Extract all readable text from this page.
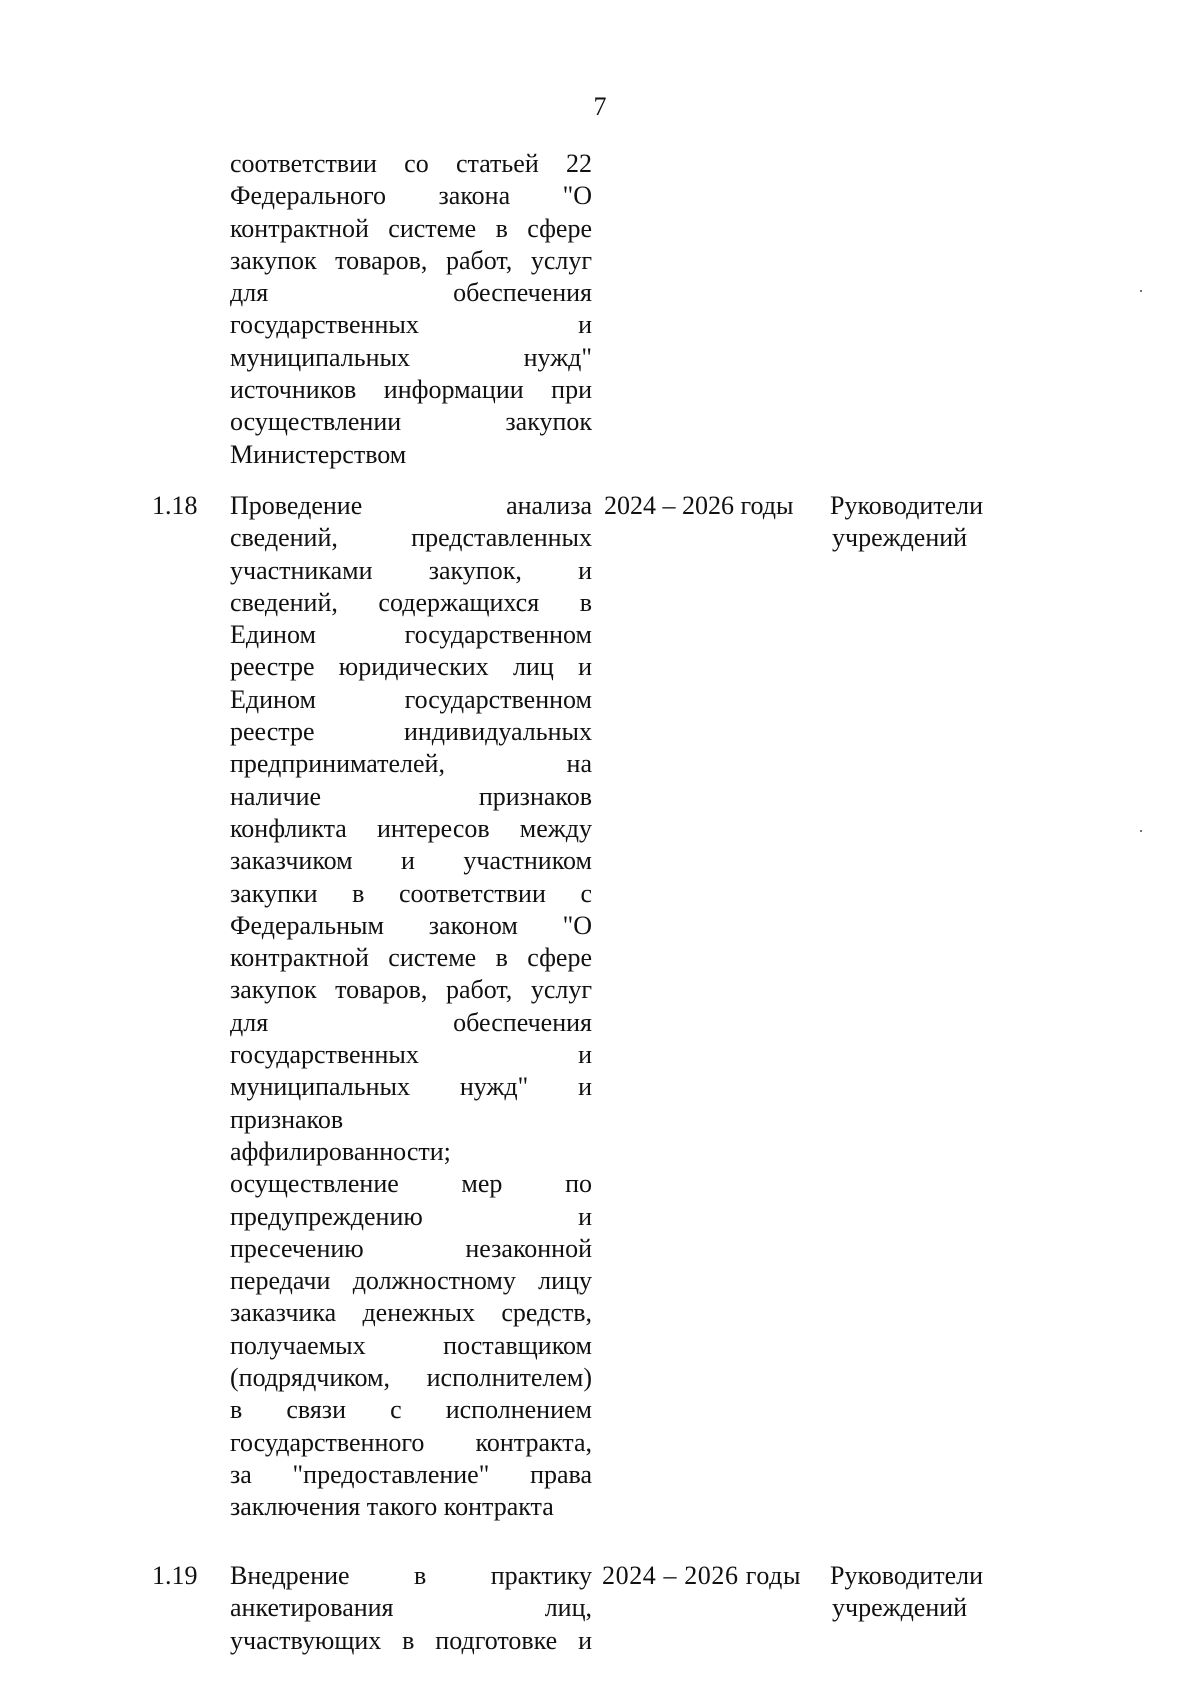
7
соответствии со статьей 22
Федерального закона "О
контрактной системе в сфере
закупок товаров, работ, услуг
для обеспечения
государственных и
муниципальных нужд"
источников информации при
осуществлении закупок
Министерством
1.18 Проведение анализа
сведений, представленных
участниками закупок, и
сведений, содержащихся в
Едином государственном
реестре юридических лиц и
Едином государственном
реестре индивидуальных
предпринимателей, на
наличие признаков
конфликта интересов между
заказчиком и участником
закупки в соответствии с
Федеральным законом "О
контрактной системе в сфере
закупок товаров, работ, услуг
для обеспечения
государственных и
муниципальных нужд" и
признаков
аффилированности;
осуществление мер по
предупреждению и
пресечению незаконной
передачи должностному лицу
заказчика денежных средств,
получаемых поставщиком
(подрядчиком, исполнителем)
в связи с исполнением
государственного контракта,
за "предоставление" права
заключения такого контракта
2024 – 2026 годы	Руководители
учреждений
1.19 Внедрение в практику
анкетирования лиц,
участвующих в подготовке и
2024 – 2026 годы	Руководители
учреждений
